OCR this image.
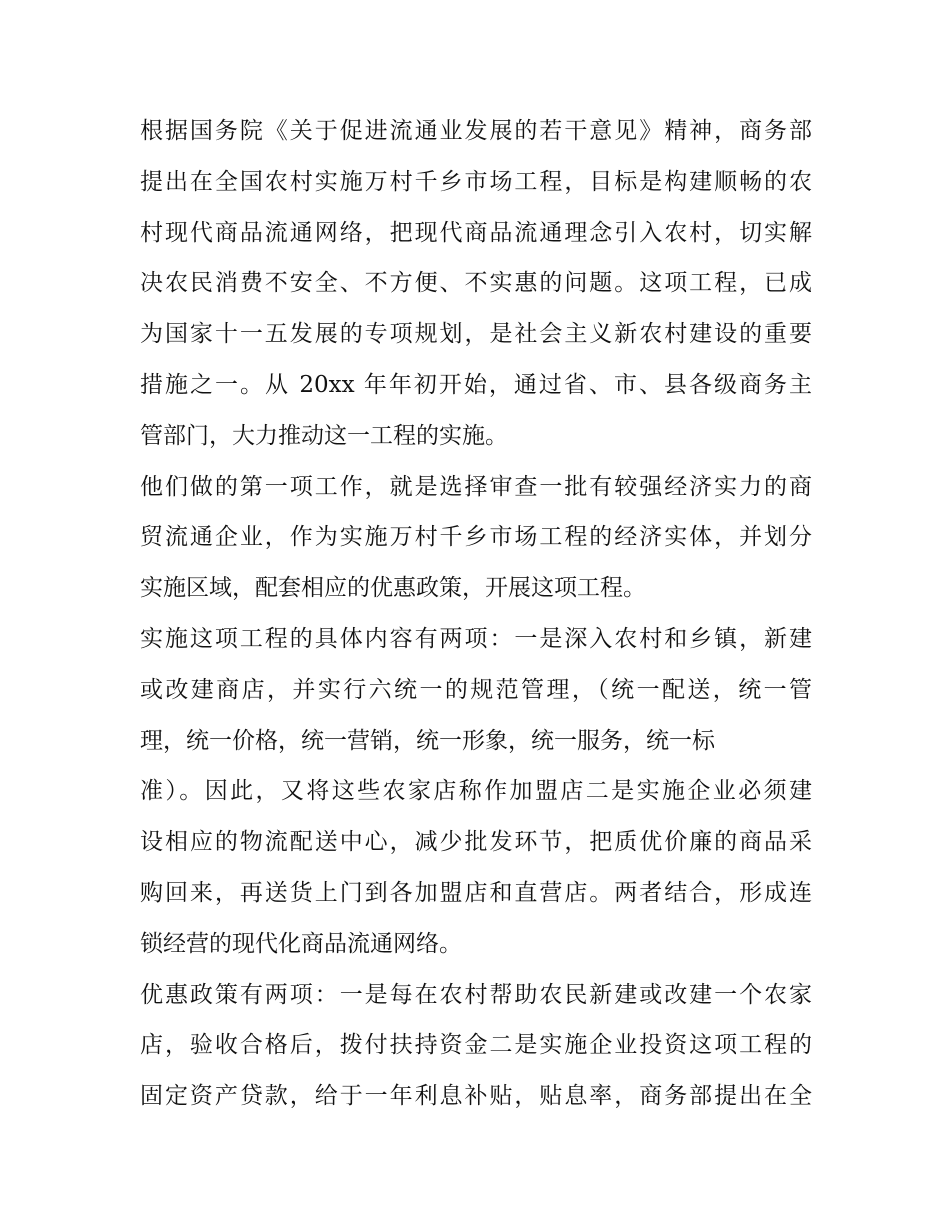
根据国务院《关于促进流通业发展的若干意见》精神，商务部
提出在全国农村实施万村千乡市场工程，目标是构建顺畅的农
村现代商品流通网络，把现代商品流通理念引入农村，切实解
决农民消费不安全、不方便、不实惠的问题。这项工程，已成
为国家十一五发展的专项规划，是社会主义新农村建设的重要
措施之一。从 20xx 年年初开始，通过省、市、县各级商务主
管部门，大力推动这一工程的实施。
他们做的第一项工作，就是选择审查一批有较强经济实力的商
贸流通企业，作为实施万村千乡市场工程的经济实体，并划分
实施区域，配套相应的优惠政策，开展这项工程。
实施这项工程的具体内容有两项：一是深入农村和乡镇，新建
或改建商店，并实行六统一的规范管理，（统一配送，统一管
理，统一价格，统一营销，统一形象，统一服务，统一标
准）。因此，又将这些农家店称作加盟店二是实施企业必须建
设相应的物流配送中心，减少批发环节，把质优价廉的商品采
购回来，再送货上门到各加盟店和直营店。两者结合，形成连
锁经营的现代化商品流通网络。
优惠政策有两项：一是每在农村帮助农民新建或改建一个农家
店，验收合格后，拨付扶持资金二是实施企业投资这项工程的
固定资产贷款，给于一年利息补贴，贴息率，商务部提出在全
